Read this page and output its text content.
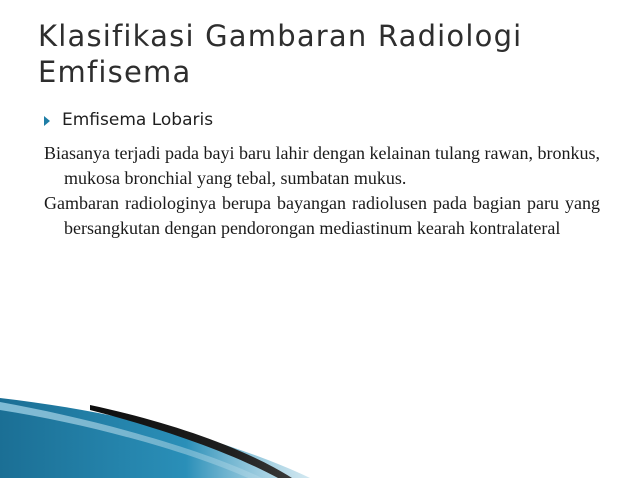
Klasifikasi Gambaran Radiologi
Emfisema
Emfisema Lobaris

Biasanya terjadi pada bayi baru lahir dengan kelainan tulang rawan, bronkus, mukosa bronchial yang tebal, sumbatan mukus.

Gambaran radiologinya berupa bayangan radiolusen pada bagian paru yang bersangkutan dengan pendorongan mediastinum kearah kontralateral
